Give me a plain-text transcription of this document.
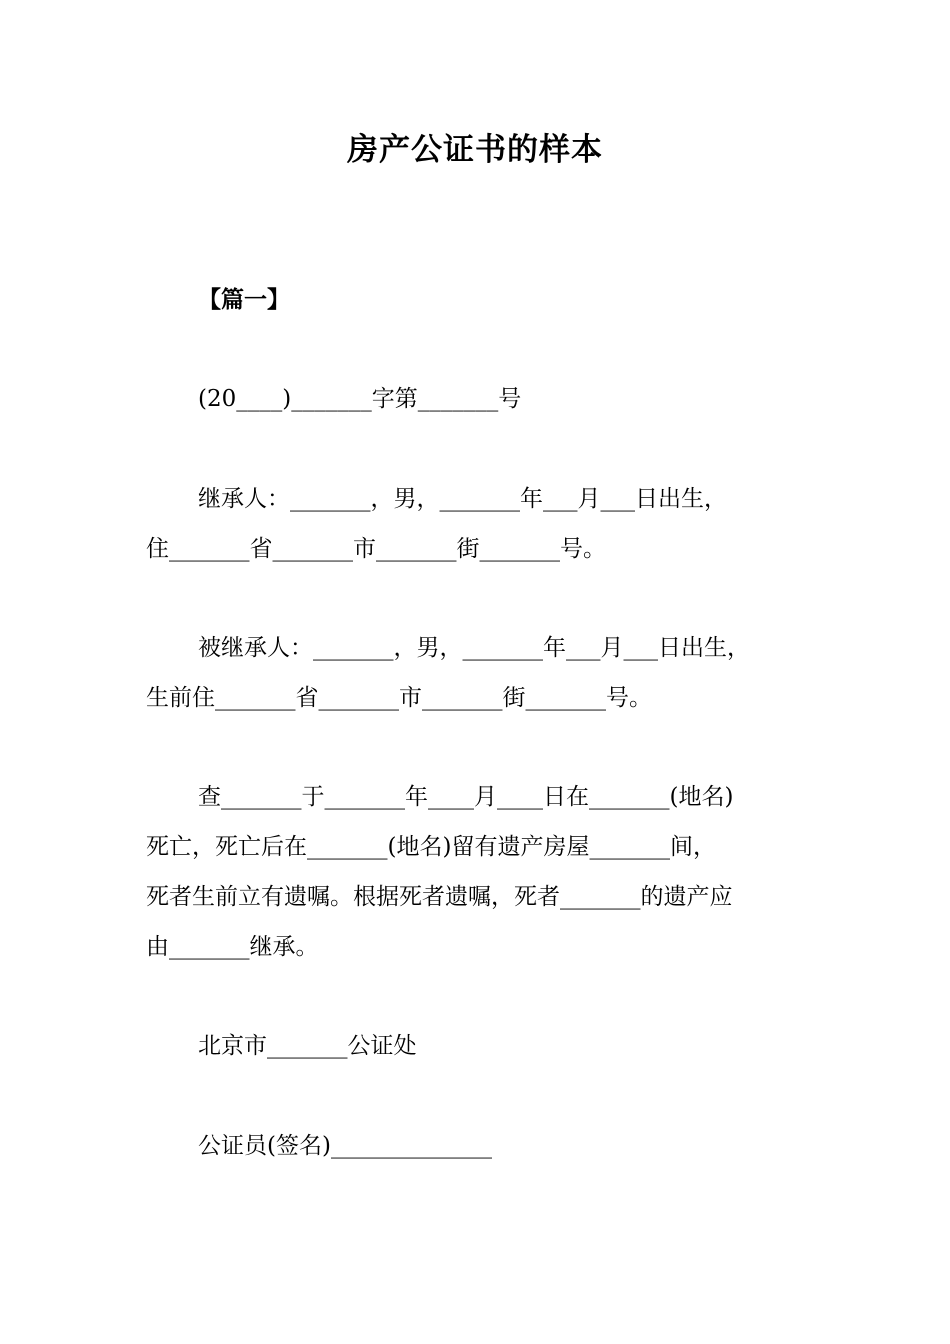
房产公证书的样本
【篇一】
(20____)_______字第_______号
继承人：_______，男，_______年___月___日出生，
住_______省_______市_______街_______号。
被继承人：_______，男，_______年___月___日出生，
生前住_______省_______市_______街_______号。
查_______于_______年____月____日在_______(地名)
死亡，死亡后在_______(地名)留有遗产房屋_______间，
死者生前立有遗嘱。根据死者遗嘱，死者_______的遗产应
由_______继承。
北京市_______公证处
公证员(签名)______________
